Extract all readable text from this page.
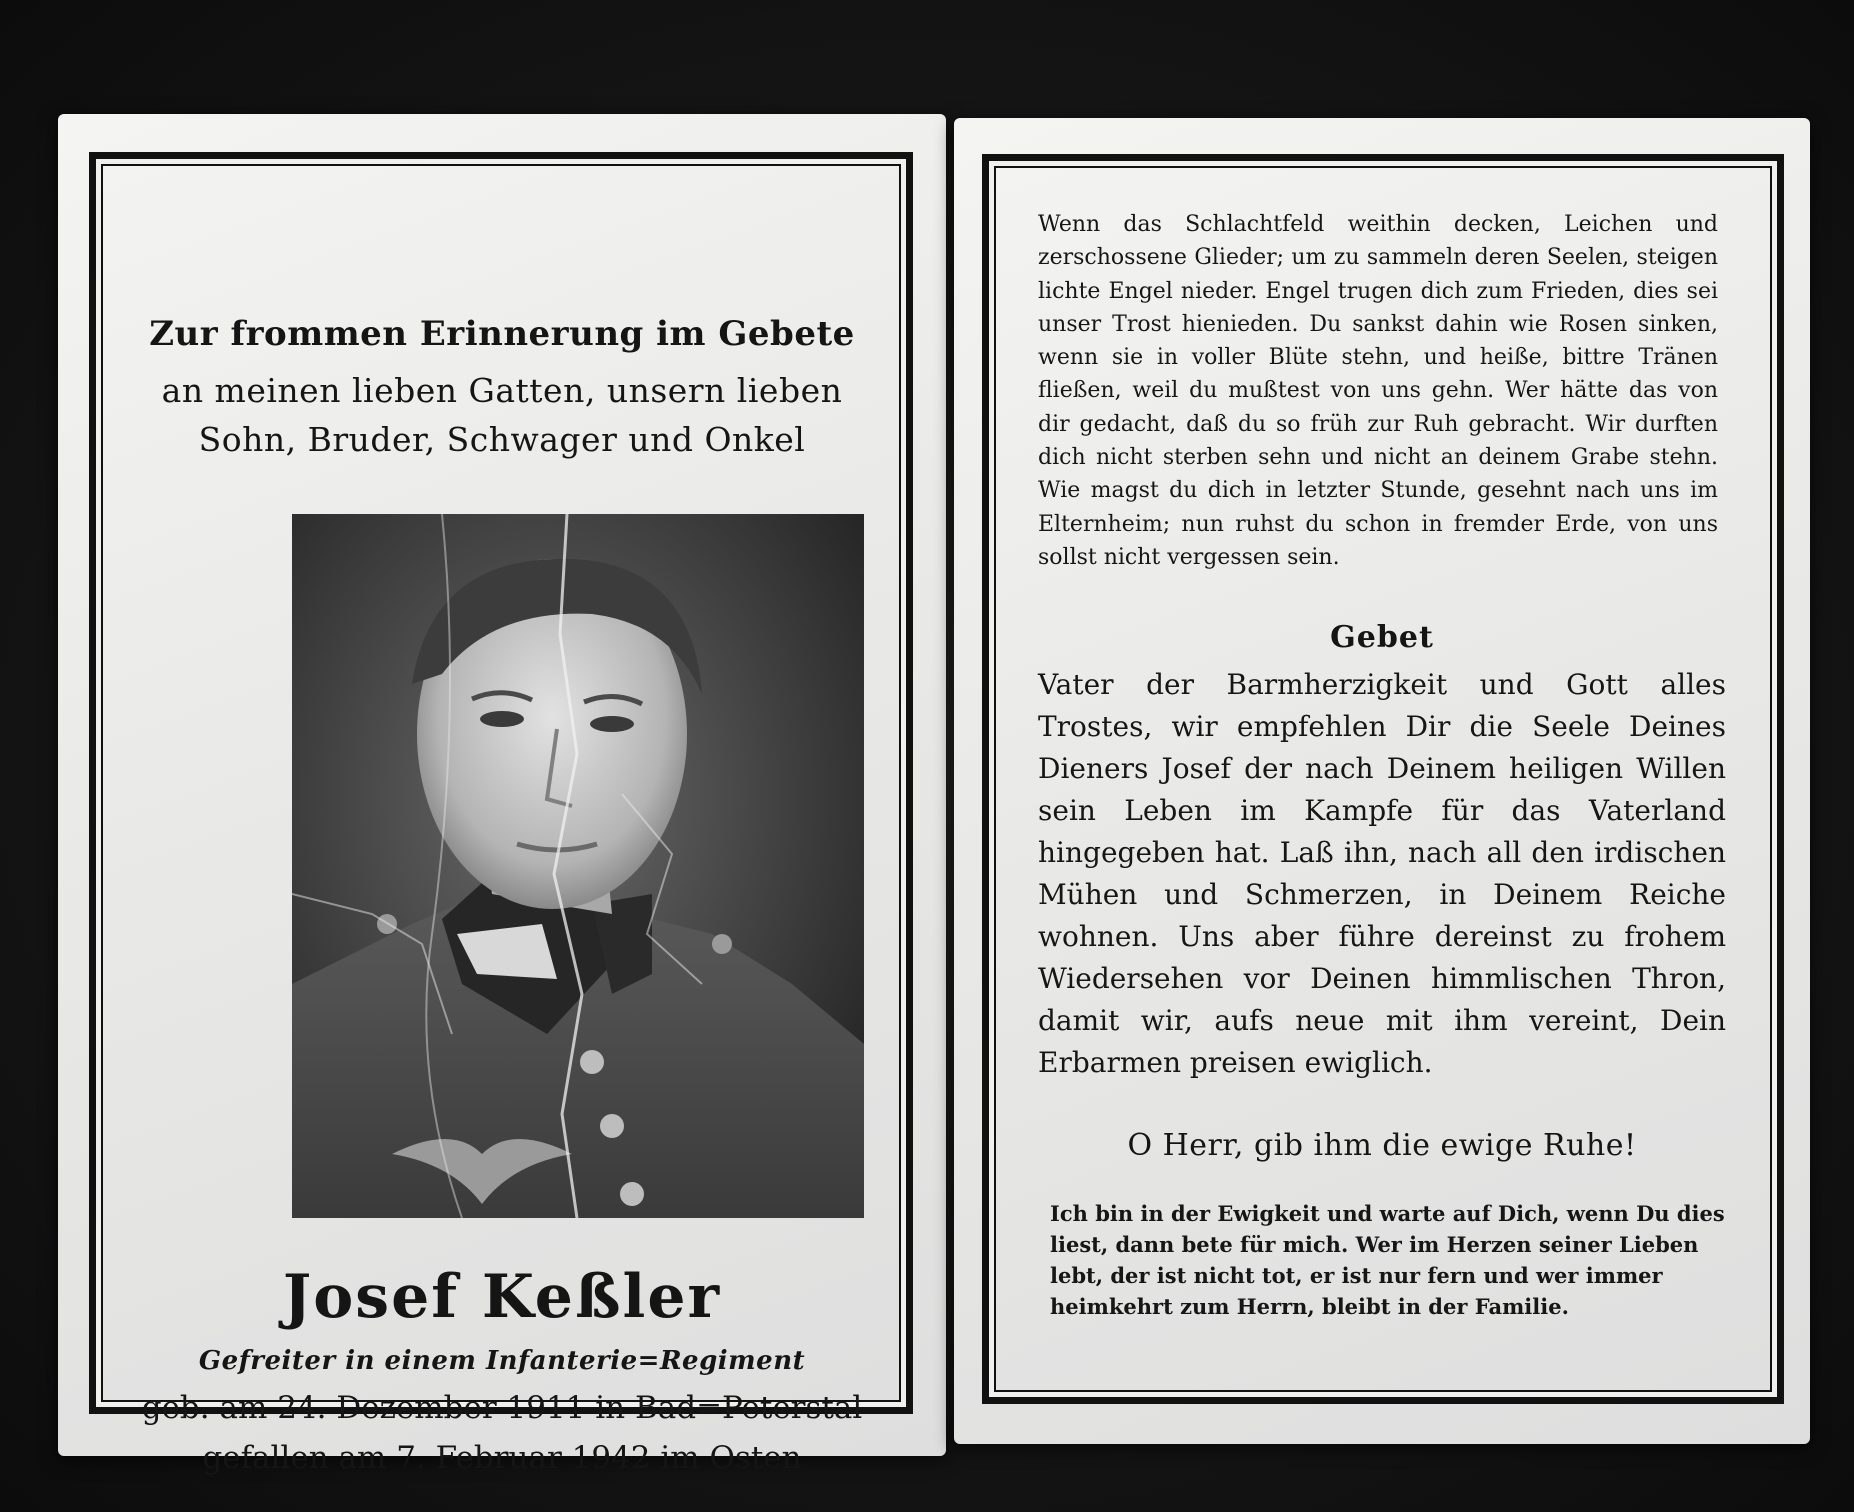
Zur frommen Erinnerung im Gebete
an meinen lieben Gatten, unsern lieben
Sohn, Bruder, Schwager und Onkel
Josef Keßler
Gefreiter in einem Infanterie=Regiment
geb. am 24. Dezember 1911 in Bad=Peterstal
gefallen am 7. Februar 1942 im Osten
Wenn das Schlachtfeld weithin decken, Leichen und zerschossene Glieder; um zu sammeln deren Seelen, steigen lichte Engel nieder. Engel trugen dich zum Frieden, dies sei unser Trost hienieden. Du sankst dahin wie Rosen sinken, wenn sie in voller Blüte stehn, und heiße, bittre Tränen fließen, weil du mußtest von uns gehn. Wer hätte das von dir gedacht, daß du so früh zur Ruh gebracht. Wir durften dich nicht sterben sehn und nicht an deinem Grabe stehn. Wie magst du dich in letzter Stunde, gesehnt nach uns im Elternheim; nun ruhst du schon in fremder Erde, von uns sollst nicht vergessen sein.
Gebet
Vater der Barmherzigkeit und Gott alles Trostes, wir empfehlen Dir die Seele Deines Dieners Josef der nach Deinem heiligen Willen sein Leben im Kampfe für das Vaterland hingegeben hat. Laß ihn, nach all den irdischen Mühen und Schmerzen, in Deinem Reiche wohnen. Uns aber führe dereinst zu frohem Wiedersehen vor Deinen himmlischen Thron, damit wir, aufs neue mit ihm vereint, Dein Erbarmen preisen ewiglich.
O Herr, gib ihm die ewige Ruhe!
Ich bin in der Ewigkeit und warte auf Dich, wenn Du dies liest, dann bete für mich. Wer im Herzen seiner Lieben lebt, der ist nicht tot, er ist nur fern und wer immer heimkehrt zum Herrn, bleibt in der Familie.
